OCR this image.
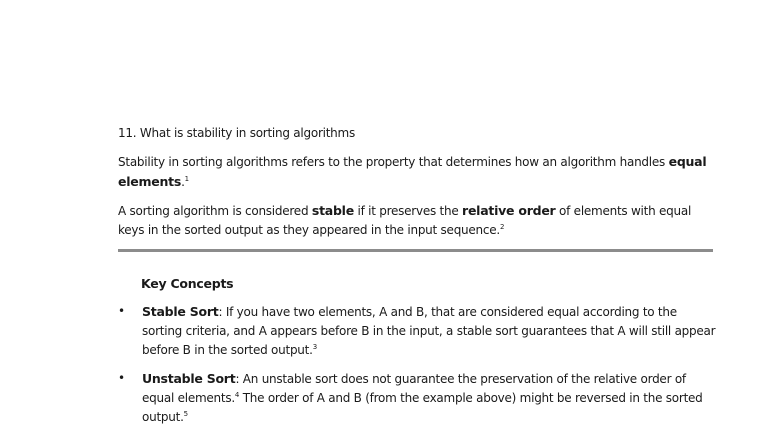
11. What is stability in sorting algorithms

Stability in sorting algorithms refers to the property that determines how an algorithm handles equal elements.$^1$

A sorting algorithm is considered stable if it preserves the relative order of elements with equal keys in the sorted output as they appeared in the input sequence.$^2$

Key Concepts

• Stable Sort: If you have two elements, A and B, that are considered equal according to the sorting criteria, and A appears before B in the input, a stable sort guarantees that A will still appear before B in the sorted output.$^3$
• Unstable Sort: An unstable sort does not guarantee the preservation of the relative order of equal elements.$^4$ The order of A and B (from the example above) might be reversed in the sorted output.$^5$
